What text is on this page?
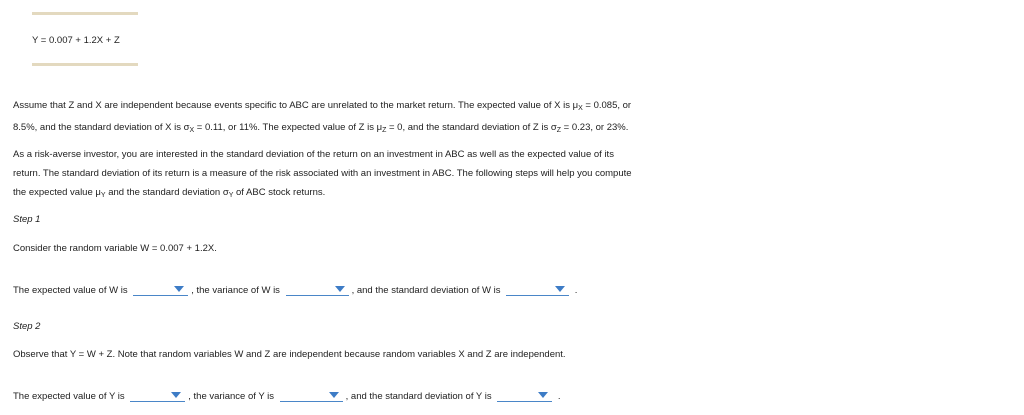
Y = 0.007 + 1.2X + Z
Assume that Z and X are independent because events specific to ABC are unrelated to the market return. The expected value of X is $\mu_X = 0.085$, or
8.5%, and the standard deviation of X is $\sigma_X = 0.11$, or 11%. The expected value of Z is $\mu_Z = 0$, and the standard deviation of Z is $\sigma_Z = 0.23$, or 23%.
As a risk-averse investor, you are interested in the standard deviation of the return on an investment in ABC as well as the expected value of its
return. The standard deviation of its return is a measure of the risk associated with an investment in ABC. The following steps will help you compute
the expected value $\mu_Y$ and the standard deviation $\sigma_Y$ of ABC stock returns.
Step 1
Consider the random variable W = 0.007 + 1.2X.
The expected value of W is	, the variance of W is	, and the standard deviation of W is	.
Step 2
Observe that Y = W + Z. Note that random variables W and Z are independent because random variables X and Z are independent.
The expected value of Y is	, the variance of Y is	, and the standard deviation of Y is	.
